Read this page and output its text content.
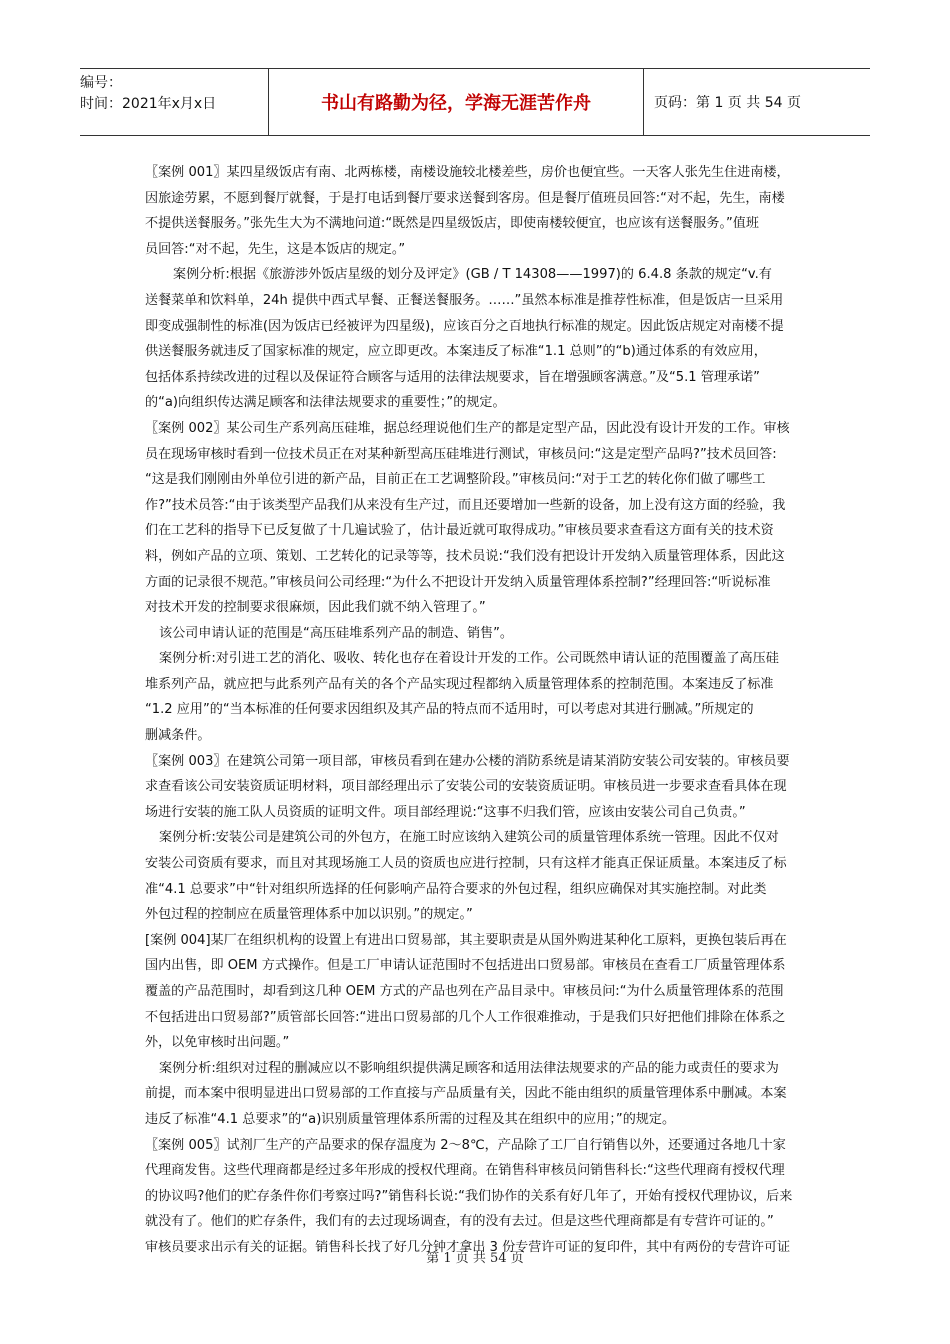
编号：
时间：2021年x月x日	书山有路勤为径，学海无涯苦作舟	页码：第 1 页 共 54 页

〖案例 001〗某四星级饭店有南、北两栋楼，南楼设施较北楼差些，房价也便宜些。一天客人张先生住进南楼，

因旅途劳累，不愿到餐厅就餐，于是打电话到餐厅要求送餐到客房。但是餐厅值班员回答:“对不起，先生，南楼

不提供送餐服务。”张先生大为不满地问道:“既然是四星级饭店，即使南楼较便宜，也应该有送餐服务。”值班

员回答:“对不起，先生，这是本饭店的规定。”

案例分析:根据《旅游涉外饭店星级的划分及评定》(GB / T 14308——1997)的 6.4.8 条款的规定“v.有

送餐菜单和饮料单，24h 提供中西式早餐、正餐送餐服务。……”虽然本标准是推荐性标准，但是饭店一旦采用

即变成强制性的标准(因为饭店已经被评为四星级)，应该百分之百地执行标准的规定。因此饭店规定对南楼不提

供送餐服务就违反了国家标准的规定，应立即更改。本案违反了标准“1.1 总则”的“b)通过体系的有效应用，

包括体系持续改进的过程以及保证符合顾客与适用的法律法规要求，旨在增强顾客满意。”及“5.1 管理承诺”

的“a)向组织传达满足顾客和法律法规要求的重要性；”的规定。

〖案例 002〗某公司生产系列高压硅堆，据总经理说他们生产的都是定型产品，因此没有设计开发的工作。审核

员在现场审核时看到一位技术员正在对某种新型高压硅堆进行测试，审核员问:“这是定型产品吗?”技术员回答:

“这是我们刚刚由外单位引进的新产品，目前正在工艺调整阶段。”审核员问:“对于工艺的转化你们做了哪些工

作?”技术员答:“由于该类型产品我们从来没有生产过，而且还要增加一些新的设备，加上没有这方面的经验，我

们在工艺科的指导下已反复做了十几遍试验了，估计最近就可取得成功。”审核员要求查看这方面有关的技术资

料，例如产品的立项、策划、工艺转化的记录等等，技术员说:“我们没有把设计开发纳入质量管理体系，因此这

方面的记录很不规范。”审核员问公司经理:“为什么不把设计开发纳入质量管理体系控制?”经理回答:“听说标准

对技术开发的控制要求很麻烦，因此我们就不纳入管理了。”

该公司申请认证的范围是“高压硅堆系列产品的制造、销售”。

案例分析:对引进工艺的消化、吸收、转化也存在着设计开发的工作。公司既然申请认证的范围覆盖了高压硅

堆系列产品，就应把与此系列产品有关的各个产品实现过程都纳入质量管理体系的控制范围。本案违反了标准

“1.2 应用”的“当本标准的任何要求因组织及其产品的特点而不适用时，可以考虑对其进行删减。”所规定的

删减条件。

〖案例 003〗在建筑公司第一项目部，审核员看到在建办公楼的消防系统是请某消防安装公司安装的。审核员要

求查看该公司安装资质证明材料，项目部经理出示了安装公司的安装资质证明。审核员进一步要求查看具体在现

场进行安装的施工队人员资质的证明文件。项目部经理说:“这事不归我们管，应该由安装公司自己负责。”

案例分析:安装公司是建筑公司的外包方，在施工时应该纳入建筑公司的质量管理体系统一管理。因此不仅对

安装公司资质有要求，而且对其现场施工人员的资质也应进行控制，只有这样才能真正保证质量。本案违反了标

准“4.1 总要求”中“针对组织所选择的任何影响产品符合要求的外包过程，组织应确保对其实施控制。对此类

外包过程的控制应在质量管理体系中加以识别。”的规定。”

[案例 004]某厂在组织机构的设置上有进出口贸易部，其主要职责是从国外购进某种化工原料，更换包装后再在

国内出售，即 OEM 方式操作。但是工厂申请认证范围时不包括进出口贸易部。审核员在查看工厂质量管理体系

覆盖的产品范围时，却看到这几种 OEM 方式的产品也列在产品目录中。审核员问:“为什么质量管理体系的范围

不包括进出口贸易部?”质管部长回答:“进出口贸易部的几个人工作很难推动，于是我们只好把他们排除在体系之

外，以免审核时出问题。”

案例分析:组织对过程的删减应以不影响组织提供满足顾客和适用法律法规要求的产品的能力或责任的要求为

前提，而本案中很明显进出口贸易部的工作直接与产品质量有关，因此不能由组织的质量管理体系中删减。本案

违反了标准“4.1 总要求”的“a)识别质量管理体系所需的过程及其在组织中的应用；”的规定。

〖案例 005〗试剂厂生产的产品要求的保存温度为 2～8℃，产品除了工厂自行销售以外，还要通过各地几十家

代理商发售。这些代理商都是经过多年形成的授权代理商。在销售科审核员问销售科长:“这些代理商有授权代理

的协议吗?他们的贮存条件你们考察过吗?”销售科长说:“我们协作的关系有好几年了，开始有授权代理协议，后来

就没有了。他们的贮存条件，我们有的去过现场调查，有的没有去过。但是这些代理商都是有专营许可证的。”

审核员要求出示有关的证据。销售科长找了好几分钟才拿出 3 份专营许可证的复印件，其中有两份的专营许可证

第 1 页 共 54 页
